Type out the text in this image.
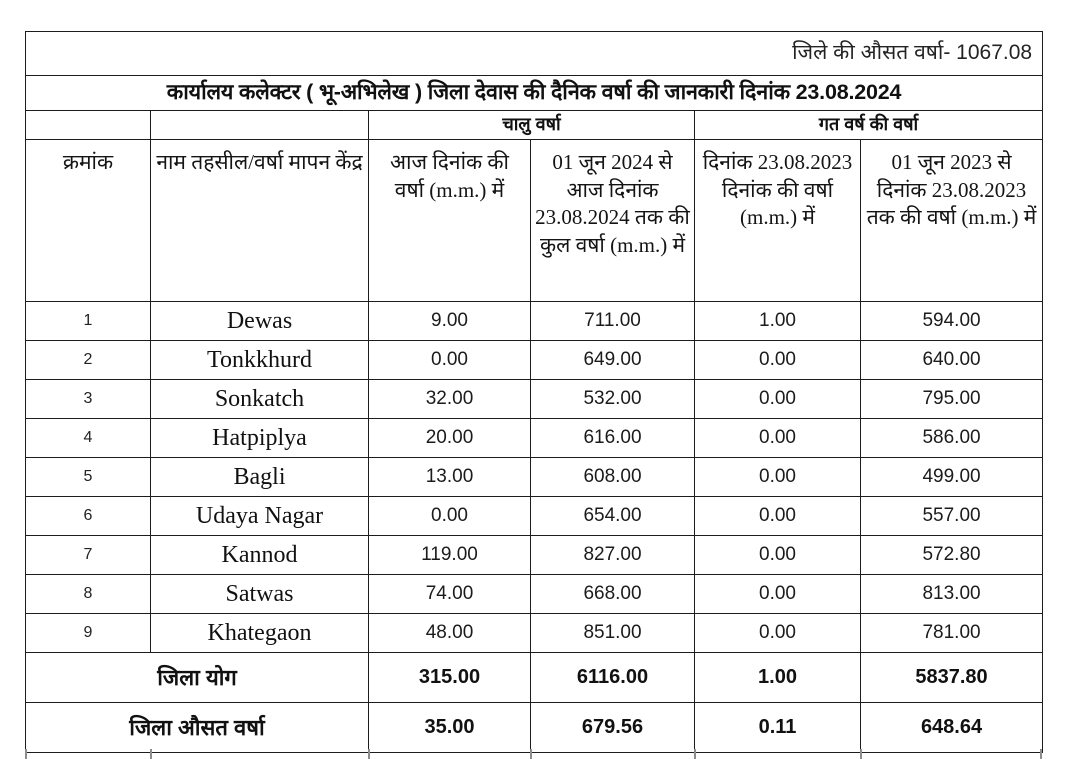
जिले की औसत वर्षा- 1067.08					
कार्यालय कलेक्टर ( भू-अभिलेख ) जिला देवास की दैनिक वर्षा की जानकारी दिनांक 23.08.2024					
		चालु वर्षा		गत वर्ष की वर्षा	
क्रमांक	नाम तहसील/वर्षा मापन केंद्र	आज दिनांक की वर्षा (m.m.) में	01 जून 2024 से आज दिनांक 23.08.2024 तक की कुल वर्षा (m.m.) में	दिनांक 23.08.2023 दिनांक की वर्षा (m.m.) में	01 जून 2023 से दिनांक 23.08.2023 तक की वर्षा (m.m.) में
1	Dewas	9.00	711.00	1.00	594.00
2	Tonkkhurd	0.00	649.00	0.00	640.00
3	Sonkatch	32.00	532.00	0.00	795.00
4	Hatpiplya	20.00	616.00	0.00	586.00
5	Bagli	13.00	608.00	0.00	499.00
6	Udaya Nagar	0.00	654.00	0.00	557.00
7	Kannod	119.00	827.00	0.00	572.80
8	Satwas	74.00	668.00	0.00	813.00
9	Khategaon	48.00	851.00	0.00	781.00
जिला योग		315.00	6116.00	1.00	5837.80
जिला औसत वर्षा		35.00	679.56	0.11	648.64
